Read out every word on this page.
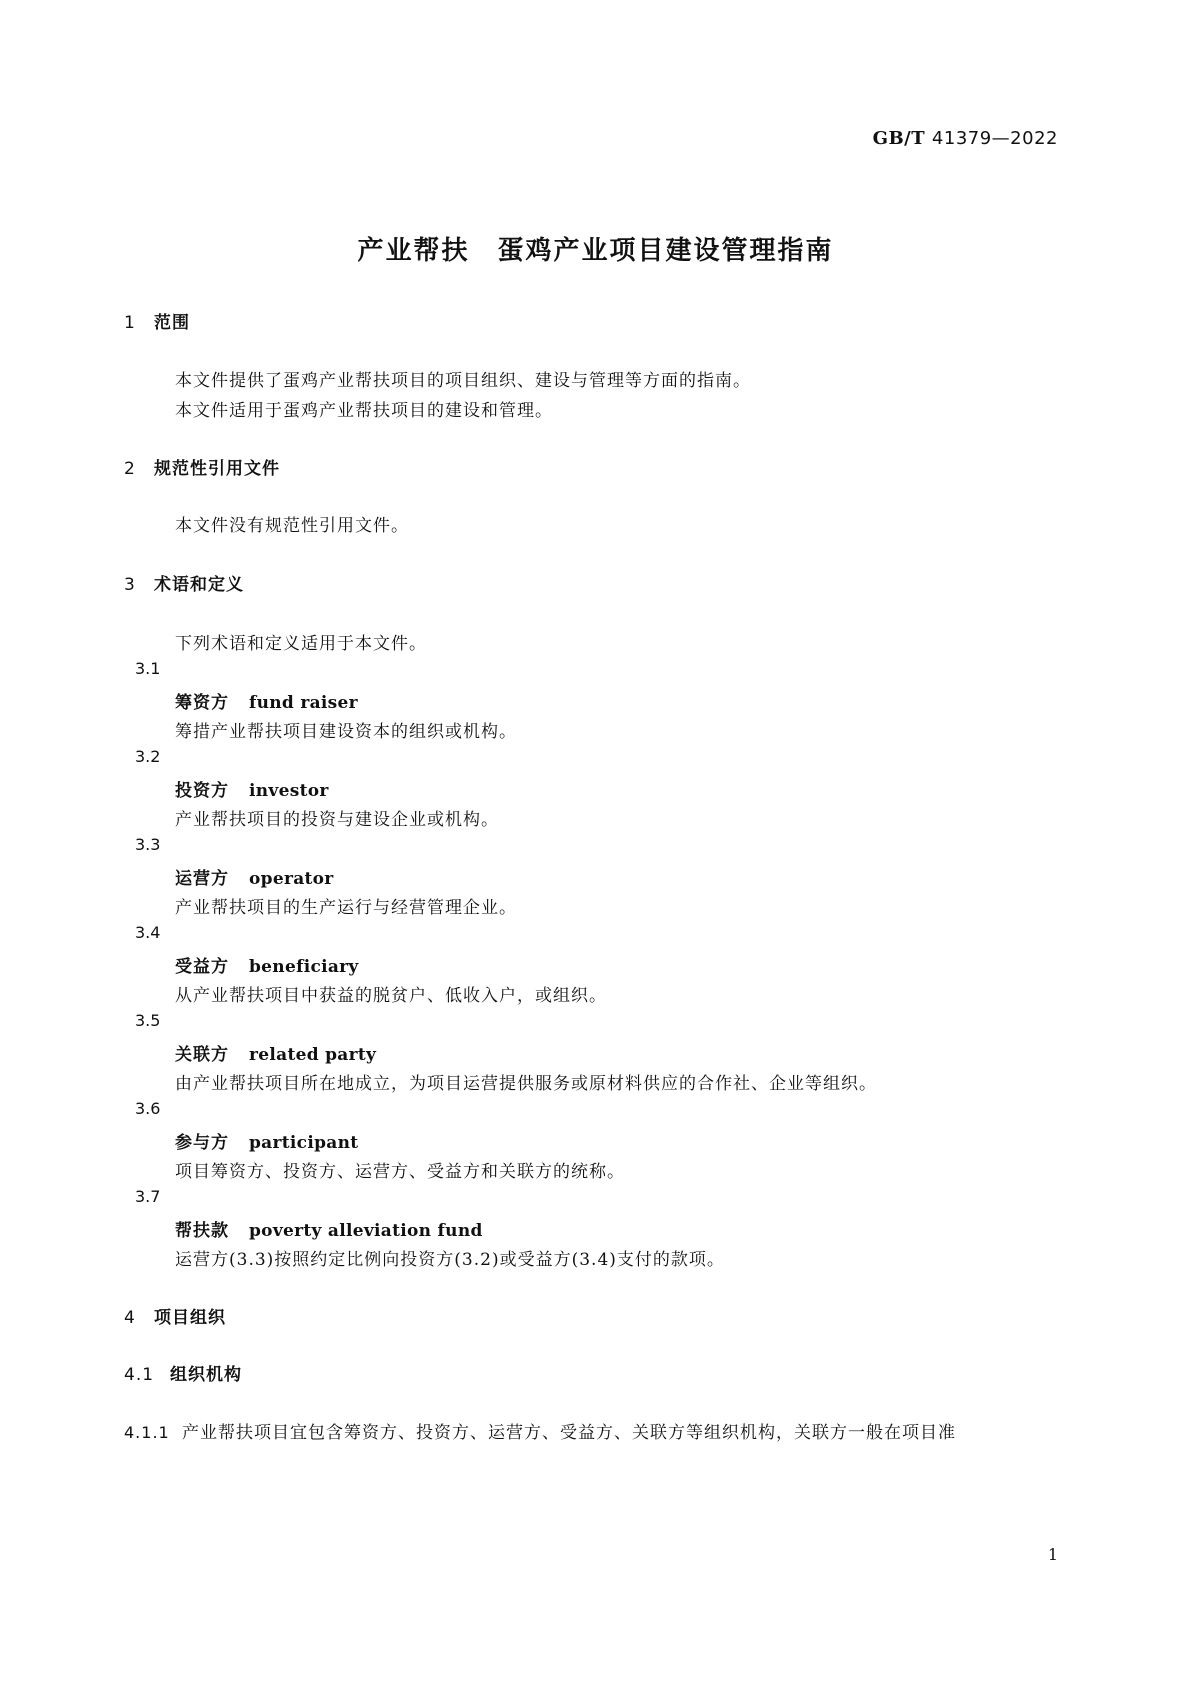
GB/T 41379—2022
产业帮扶　蛋鸡产业项目建设管理指南
1 范围
本文件提供了蛋鸡产业帮扶项目的项目组织、建设与管理等方面的指南。
本文件适用于蛋鸡产业帮扶项目的建设和管理。
2 规范性引用文件
本文件没有规范性引用文件。
3 术语和定义
下列术语和定义适用于本文件。
3.1
筹资方 fund raiser
筹措产业帮扶项目建设资本的组织或机构。
3.2
投资方 investor
产业帮扶项目的投资与建设企业或机构。
3.3
运营方 operator
产业帮扶项目的生产运行与经营管理企业。
3.4
受益方 beneficiary
从产业帮扶项目中获益的脱贫户、低收入户，或组织。
3.5
关联方 related party
由产业帮扶项目所在地成立，为项目运营提供服务或原材料供应的合作社、企业等组织。
3.6
参与方 participant
项目筹资方、投资方、运营方、受益方和关联方的统称。
3.7
帮扶款 poverty alleviation fund
运营方(3.3)按照约定比例向投资方(3.2)或受益方(3.4)支付的款项。
4 项目组织
4.1 组织机构
4.1.1 产业帮扶项目宜包含筹资方、投资方、运营方、受益方、关联方等组织机构，关联方一般在项目准
1
